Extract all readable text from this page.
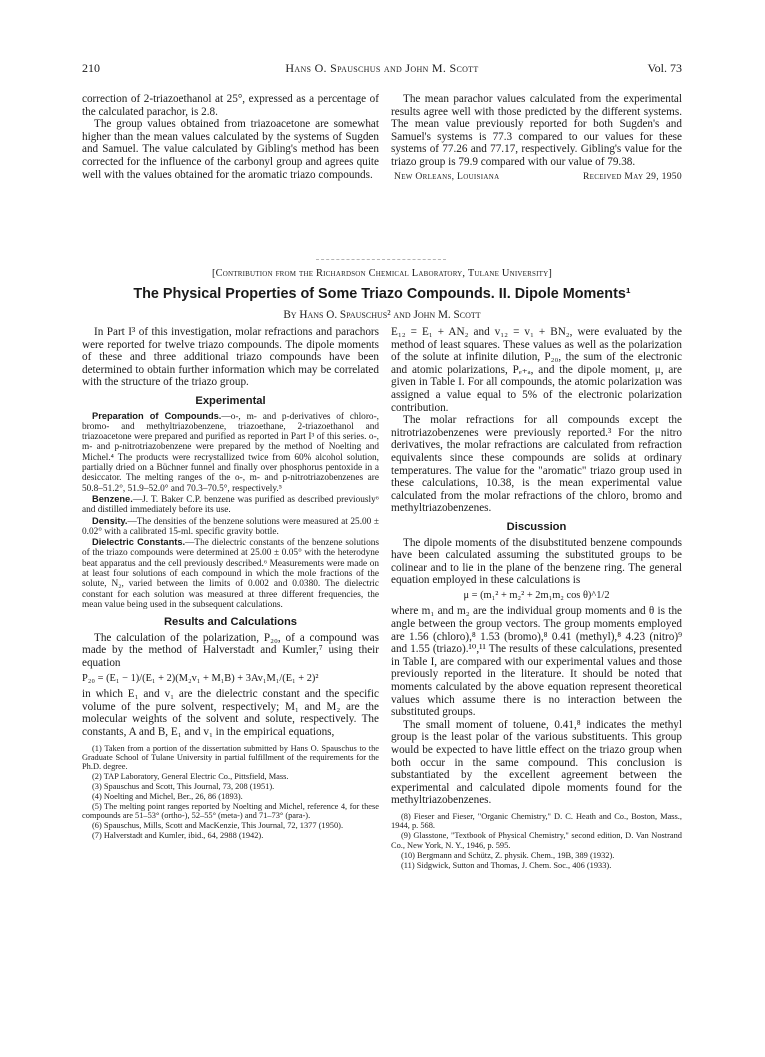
210	Hans O. Spauschus and John M. Scott	Vol. 73

correction of 2-triazoethanol at 25°, expressed as a percentage of the calculated parachor, is 2.8.

The group values obtained from triazoacetone are somewhat higher than the mean values calculated by the systems of Sugden and Samuel. The value calculated by Gibling's method has been corrected for the influence of the carbonyl group and agrees quite well with the values obtained for the aromatic triazo compounds.

The mean parachor values calculated from the experimental results agree well with those predicted by the different systems. The mean value previously reported for both Sugden's and Samuel's systems is 77.3 compared to our values for these systems of 77.26 and 77.17, respectively. Gibling's value for the triazo group is 79.9 compared with our value of 79.38.

New Orleans, Louisiana	Received May 29, 1950
[Contribution from the Richardson Chemical Laboratory, Tulane University]
The Physical Properties of Some Triazo Compounds. II. Dipole Moments¹
By Hans O. Spauschus² and John M. Scott

In Part I³ of this investigation, molar refractions and parachors were reported for twelve triazo compounds. The dipole moments of these and three additional triazo compounds have been determined to obtain further information which may be correlated with the structure of the triazo group.

Experimental

Preparation of Compounds.—o-, m- and p-derivatives of chloro-, bromo- and methyltriazobenzene, triazoethane, 2-triazoethanol and triazoacetone were prepared and purified as reported in Part I³ of this series. o-, m- and p-nitrotriazobenzene were prepared by the method of Noelting and Michel.⁴ The products were recrystallized twice from 60% alcohol solution, partially dried on a Büchner funnel and finally over phosphorus pentoxide in a desiccator. The melting ranges of the o-, m- and p-nitrotriazobenzenes are 50.8–51.2°, 51.9–52.0° and 70.3–70.5°, respectively.⁵

Benzene.—J. T. Baker C.P. benzene was purified as described previously⁶ and distilled immediately before its use.

Density.—The densities of the benzene solutions were measured at 25.00 ± 0.02° with a calibrated 15-ml. specific gravity bottle.

Dielectric Constants.—The dielectric constants of the benzene solutions of the triazo compounds were determined at 25.00 ± 0.05° with the heterodyne beat apparatus and the cell previously described.⁶ Measurements were made on at least four solutions of each compound in which the mole fractions of the solute, N₂, varied between the limits of 0.002 and 0.0380. The dielectric constant for each solution was measured at three different frequencies, the mean value being used in the subsequent calculations.

Results and Calculations

The calculation of the polarization, P₂₀, of a compound was made by the method of Halverstadt and Kumler,⁷ using their equation

P₂₀ = (E₁ − 1)/(E₁ + 2)(M₂v₁ + M₁B) + 3Av₁M₁/(E₁ + 2)²

in which E₁ and v₁ are the dielectric constant and the specific volume of the pure solvent, respectively; M₁ and M₂ are the molecular weights of the solvent and solute, respectively. The constants, A and B, E₁ and v₁ in the empirical equations,

(1) Taken from a portion of the dissertation submitted by Hans O. Spauschus to the Graduate School of Tulane University in partial fulfillment of the requirements for the Ph.D. degree.

(2) TAP Laboratory, General Electric Co., Pittsfield, Mass.

(3) Spauschus and Scott, This Journal, 73, 208 (1951).

(4) Noelting and Michel, Ber., 26, 86 (1893).

(5) The melting point ranges reported by Noelting and Michel, reference 4, for these compounds are 51–53° (ortho-), 52–55° (meta-) and 71–73° (para-).

(6) Spauschus, Mills, Scott and MacKenzie, This Journal, 72, 1377 (1950).

(7) Halverstadt and Kumler, ibid., 64, 2988 (1942).

E₁₂ = E₁ + AN₂ and v₁₂ = v₁ + BN₂, were evaluated by the method of least squares. These values as well as the polarization of the solute at infinite dilution, P₂₀, the sum of the electronic and atomic polarizations, Pₑ₊ₐ, and the dipole moment, μ, are given in Table I. For all compounds, the atomic polarization was assigned a value equal to 5% of the electronic polarization contribution.

The molar refractions for all compounds except the nitrotriazobenzenes were previously reported.³ For the nitro derivatives, the molar refractions are calculated from refraction equivalents since these compounds are solids at ordinary temperatures. The value for the "aromatic" triazo group used in these calculations, 10.38, is the mean experimental value calculated from the molar refractions of the chloro, bromo and methyltriazobenzenes.

Discussion

The dipole moments of the disubstituted benzene compounds have been calculated assuming the substituted groups to be colinear and to lie in the plane of the benzene ring. The general equation employed in these calculations is

μ = (m₁² + m₂² + 2m₁m₂ cos θ)^1/2

where m₁ and m₂ are the individual group moments and θ is the angle between the group vectors. The group moments employed are 1.56 (chloro),⁸ 1.53 (bromo),⁸ 0.41 (methyl),⁸ 4.23 (nitro)⁹ and 1.55 (triazo).¹⁰,¹¹ The results of these calculations, presented in Table I, are compared with our experimental values and those previously reported in the literature. It should be noted that moments calculated by the above equation represent theoretical values which assume there is no interaction between the substituted groups.

The small moment of toluene, 0.41,⁸ indicates the methyl group is the least polar of the various substituents. This group would be expected to have little effect on the triazo group when both occur in the same compound. This conclusion is substantiated by the excellent agreement between the experimental and calculated dipole moments found for the methyltriazobenzenes.

(8) Fieser and Fieser, "Organic Chemistry," D. C. Heath and Co., Boston, Mass., 1944, p. 568.

(9) Glasstone, "Textbook of Physical Chemistry," second edition, D. Van Nostrand Co., New York, N. Y., 1946, p. 595.

(10) Bergmann and Schütz, Z. physik. Chem., 19B, 389 (1932).

(11) Sidgwick, Sutton and Thomas, J. Chem. Soc., 406 (1933).
